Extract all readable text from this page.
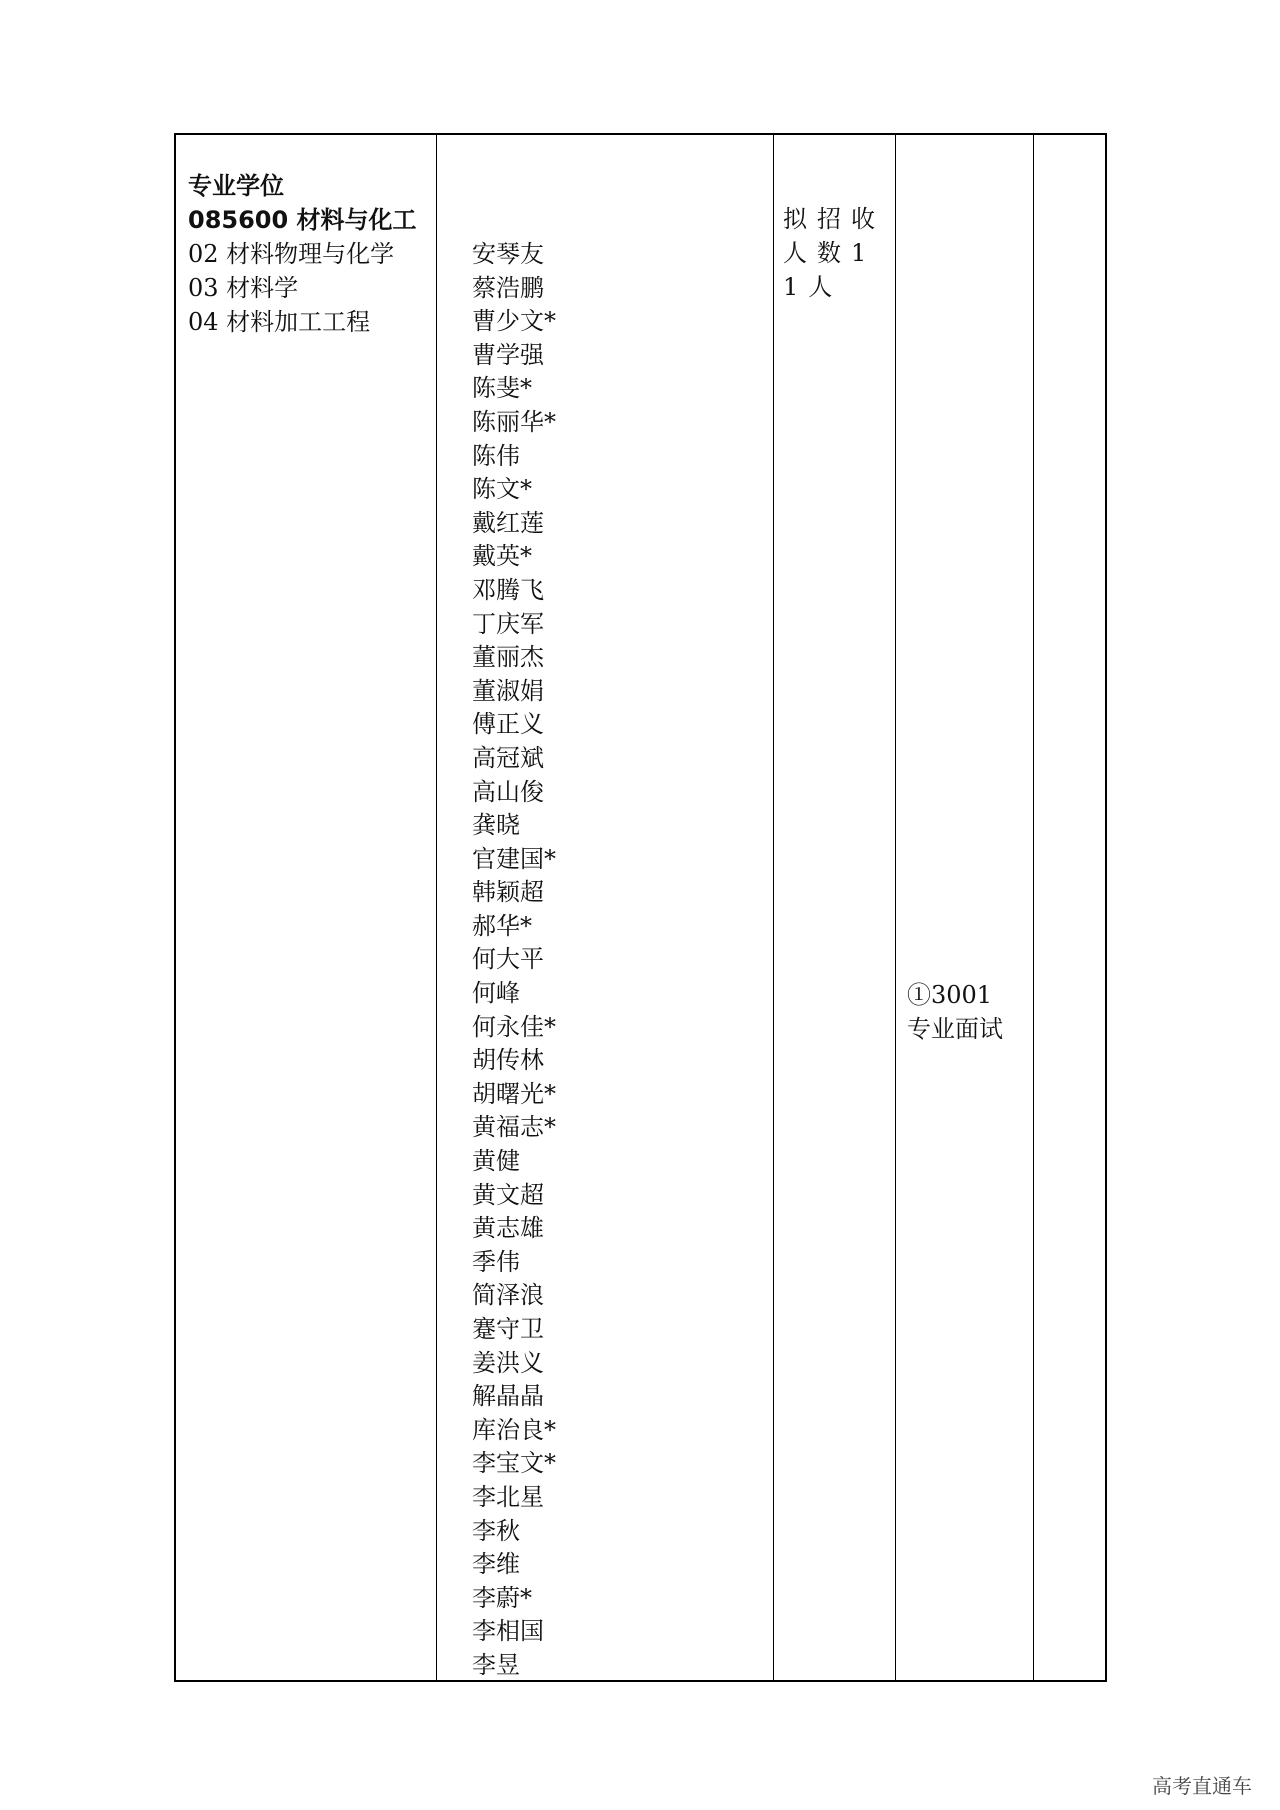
专业学位
085600 材料与化工
02 材料物理与化学
03 材料学
04 材料加工工程
安琴友
蔡浩鹏
曹少文*
曹学强
陈斐*
陈丽华*
陈伟
陈文*
戴红莲
戴英*
邓腾飞
丁庆军
董丽杰
董淑娟
傅正义
高冠斌
高山俊
龚晓
官建国*
韩颖超
郝华*
何大平
何峰
何永佳*
胡传林
胡曙光*
黄福志*
黄健
黄文超
黄志雄
季伟
简泽浪
蹇守卫
姜洪义
解晶晶
库治良*
李宝文*
李北星
李秋
李维
李蔚*
李相国
李昱
拟招收人数11人
①3001 专业面试
高考直通车
